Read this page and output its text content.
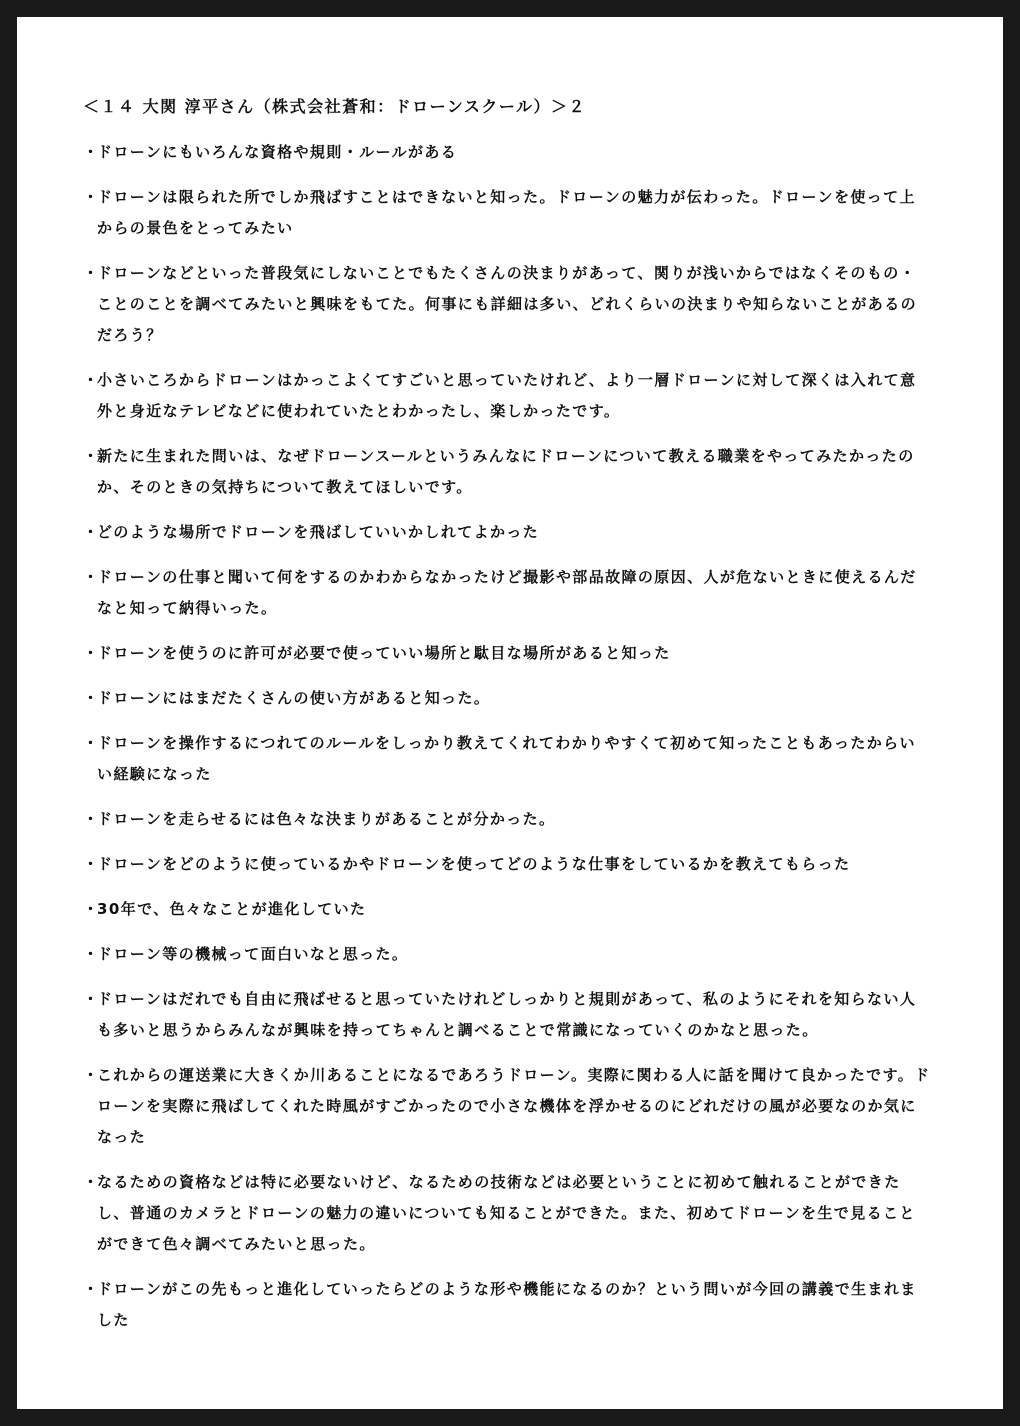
＜１４ 大関 淳平さん（株式会社蒼和：ドローンスクール）＞２
・
ドローンにもいろんな資格や規則・ルールがある
・
ドローンは限られた所でしか飛ばすことはできないと知った。ドローンの魅力が伝わった。ドローンを使って上からの景色をとってみたい
・
ドローンなどといった普段気にしないことでもたくさんの決まりがあって、関りが浅いからではなくそのもの・ことのことを調べてみたいと興味をもてた。何事にも詳細は多い、どれくらいの決まりや知らないことがあるのだろう？
・
小さいころからドローンはかっこよくてすごいと思っていたけれど、より一層ドローンに対して深くは入れて意外と身近なテレビなどに使われていたとわかったし、楽しかったです。
・
新たに生まれた問いは、なぜドローンスールというみんなにドローンについて教える職業をやってみたかったのか、そのときの気持ちについて教えてほしいです。
・
どのような場所でドローンを飛ばしていいかしれてよかった
・
ドローンの仕事と聞いて何をするのかわからなかったけど撮影や部品故障の原因、人が危ないときに使えるんだなと知って納得いった。
・
ドローンを使うのに許可が必要で使っていい場所と駄目な場所があると知った
・
ドローンにはまだたくさんの使い方があると知った。
・
ドローンを操作するにつれてのルールをしっかり教えてくれてわかりやすくて初めて知ったこともあったからいい経験になった
・
ドローンを走らせるには色々な決まりがあることが分かった。
・
ドローンをどのように使っているかやドローンを使ってどのような仕事をしているかを教えてもらった
・
30年で、色々なことが進化していた
・
ドローン等の機械って面白いなと思った。
・
ドローンはだれでも自由に飛ばせると思っていたけれどしっかりと規則があって、私のようにそれを知らない人も多いと思うからみんなが興味を持ってちゃんと調べることで常識になっていくのかなと思った。
・
これからの運送業に大きくか川あることになるであろうドローン。実際に関わる人に話を聞けて良かったです。ドローンを実際に飛ばしてくれた時風がすごかったので小さな機体を浮かせるのにどれだけの風が必要なのか気になった
・
なるための資格などは特に必要ないけど、なるための技術などは必要ということに初めて触れることができたし、普通のカメラとドローンの魅力の違いについても知ることができた。また、初めてドローンを生で見ることができて色々調べてみたいと思った。
・
ドローンがこの先もっと進化していったらどのような形や機能になるのか？という問いが今回の講義で生まれました
